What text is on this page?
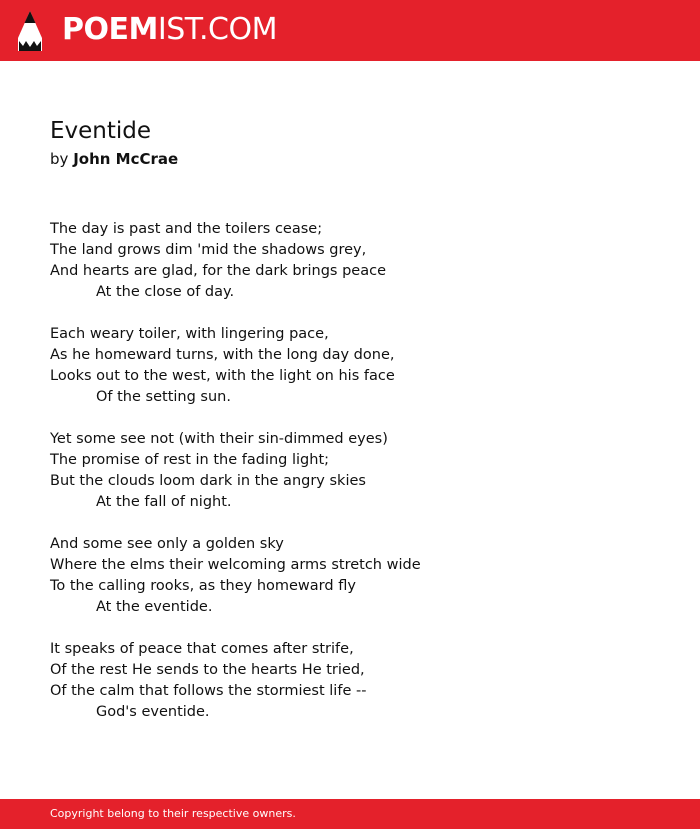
POEMIST.COM
Eventide
by John McCrae
The day is past and the toilers cease;
The land grows dim 'mid the shadows grey,
And hearts are glad, for the dark brings peace
At the close of day.
Each weary toiler, with lingering pace,
As he homeward turns, with the long day done,
Looks out to the west, with the light on his face
Of the setting sun.
Yet some see not (with their sin-dimmed eyes)
The promise of rest in the fading light;
But the clouds loom dark in the angry skies
At the fall of night.
And some see only a golden sky
Where the elms their welcoming arms stretch wide
To the calling rooks, as they homeward fly
At the eventide.
It speaks of peace that comes after strife,
Of the rest He sends to the hearts He tried,
Of the calm that follows the stormiest life --
God's eventide.
Copyright belong to their respective owners.
